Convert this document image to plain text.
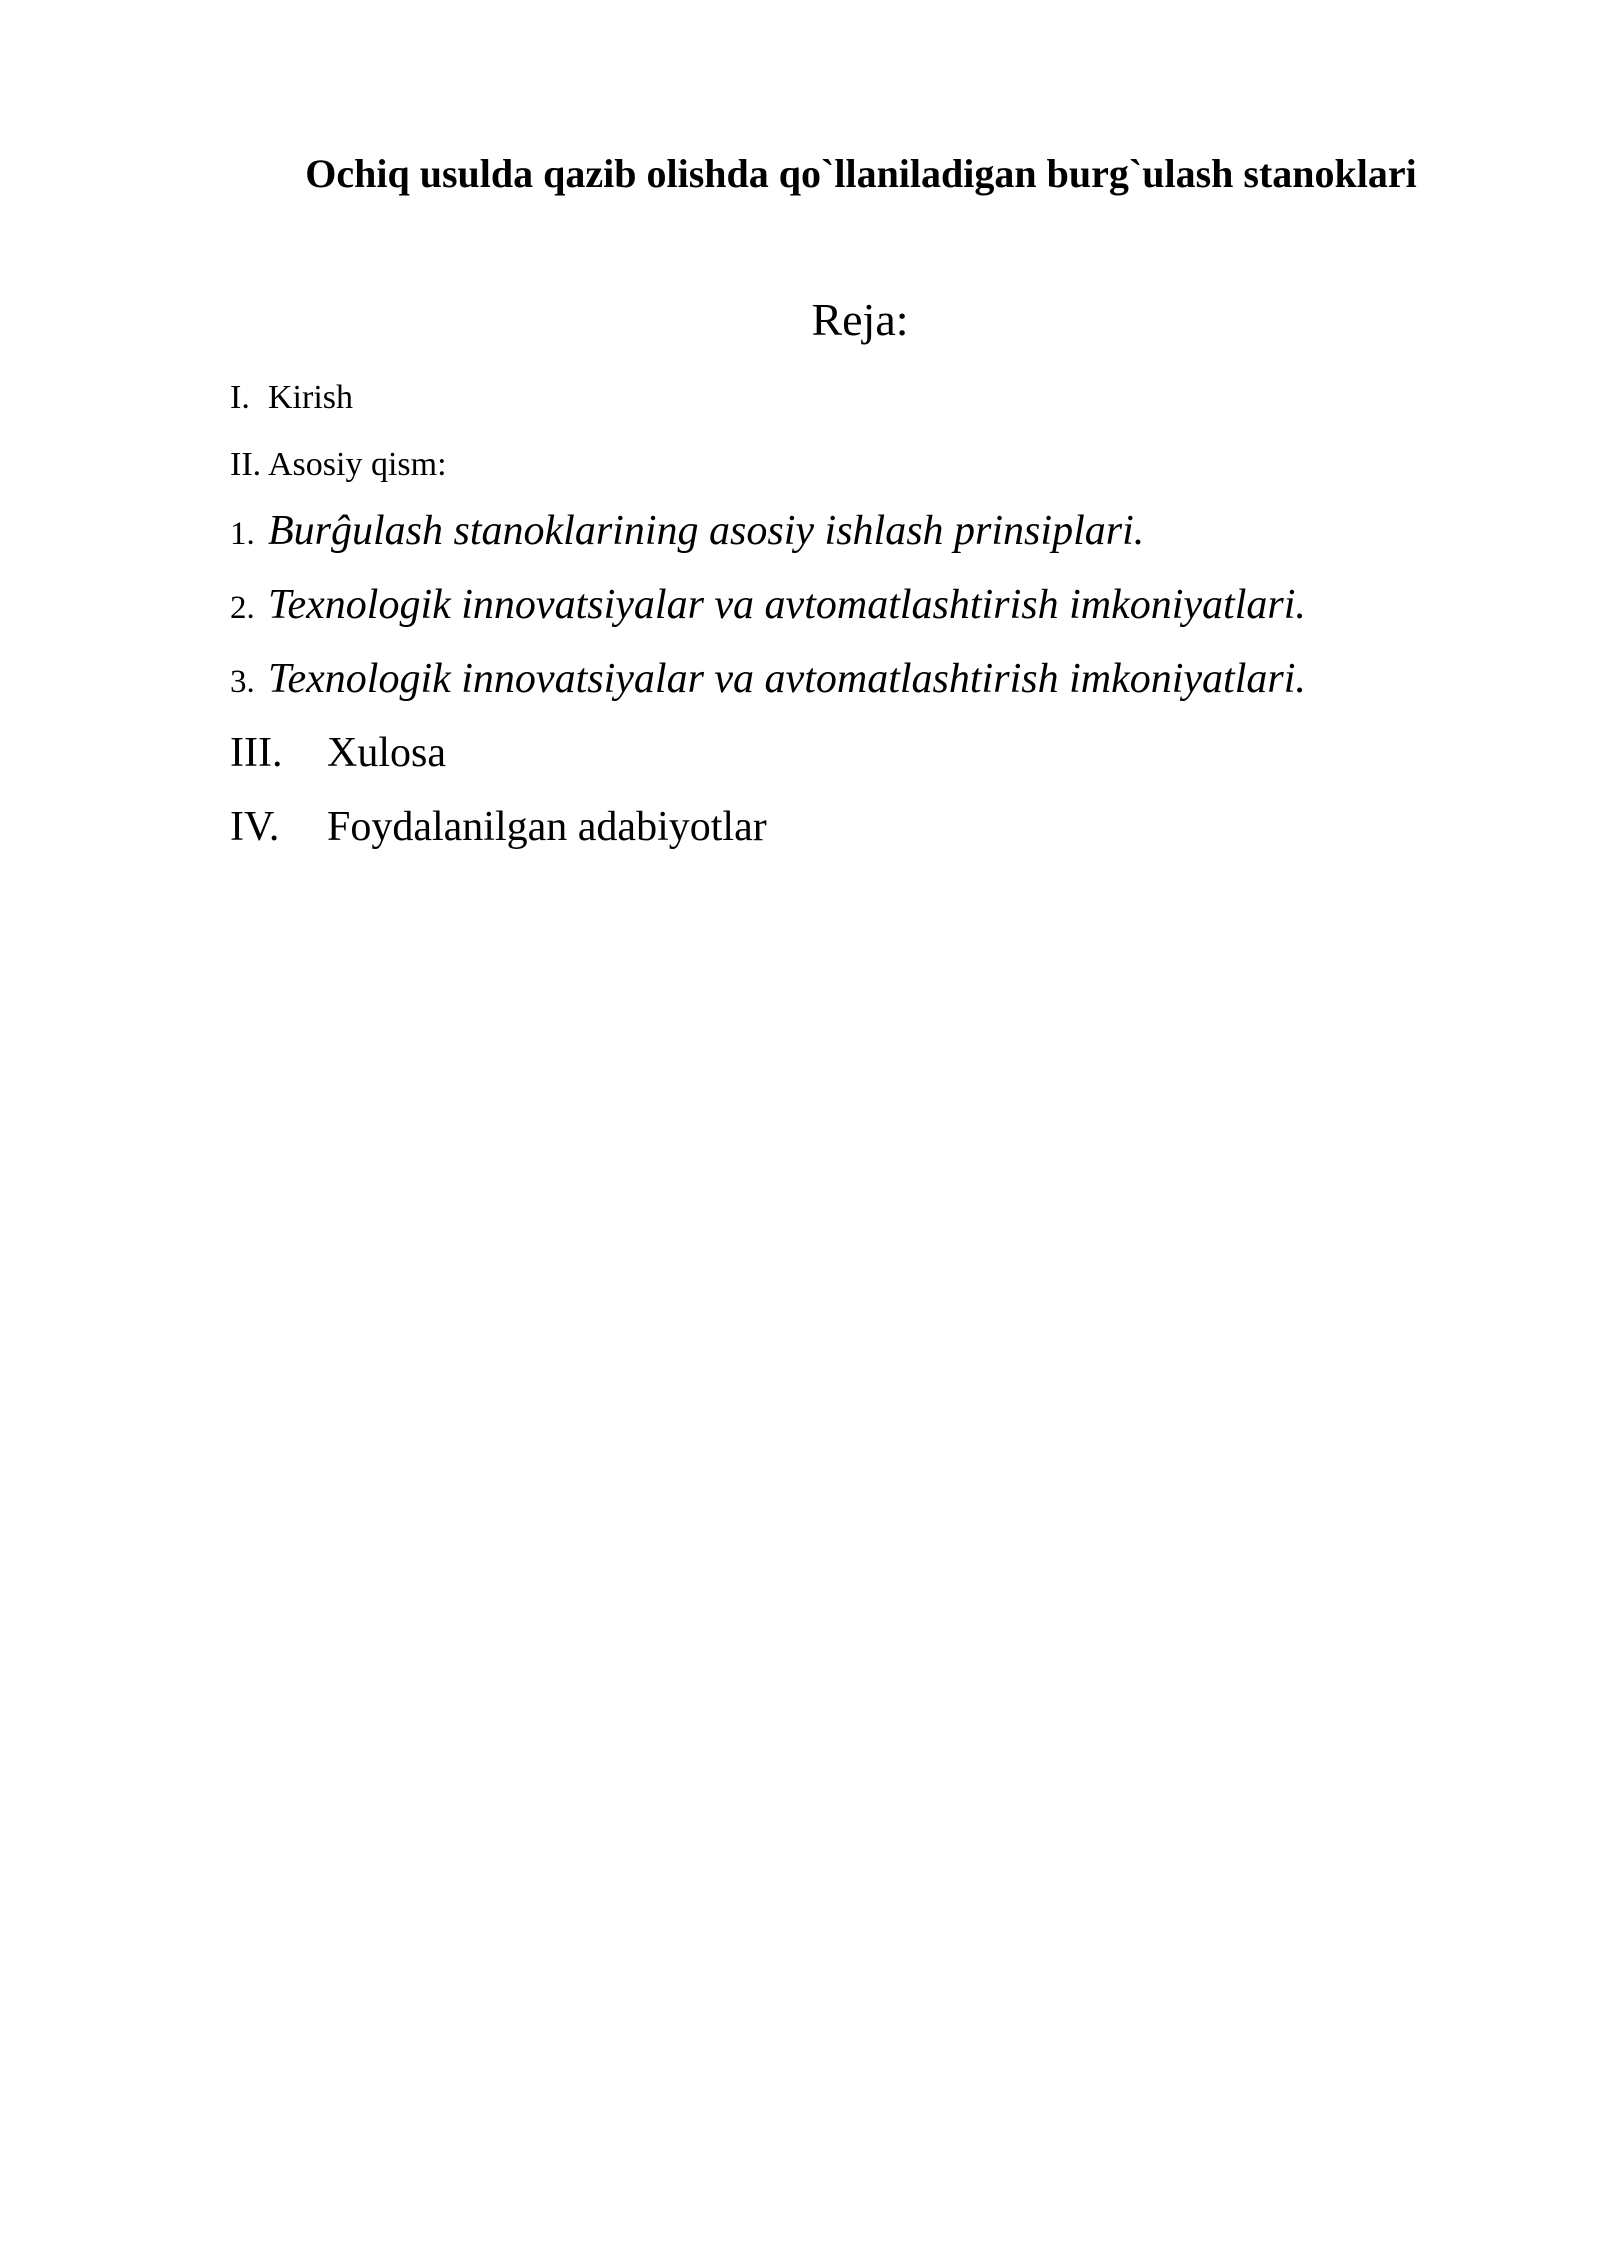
Ochiq usulda qazib olishda qo`llaniladigan burg`ulash stanoklari
Reja:
I. Kirish
II. Asosiy qism:
1. Burĝulash stanoklarining asosiy ishlash prinsiplari.
2. Texnologik innovatsiyalar va avtomatlashtirish imkoniyatlari.
3. Texnologik innovatsiyalar va avtomatlashtirish imkoniyatlari.
III. Xulosa
IV. Foydalanilgan adabiyotlar
